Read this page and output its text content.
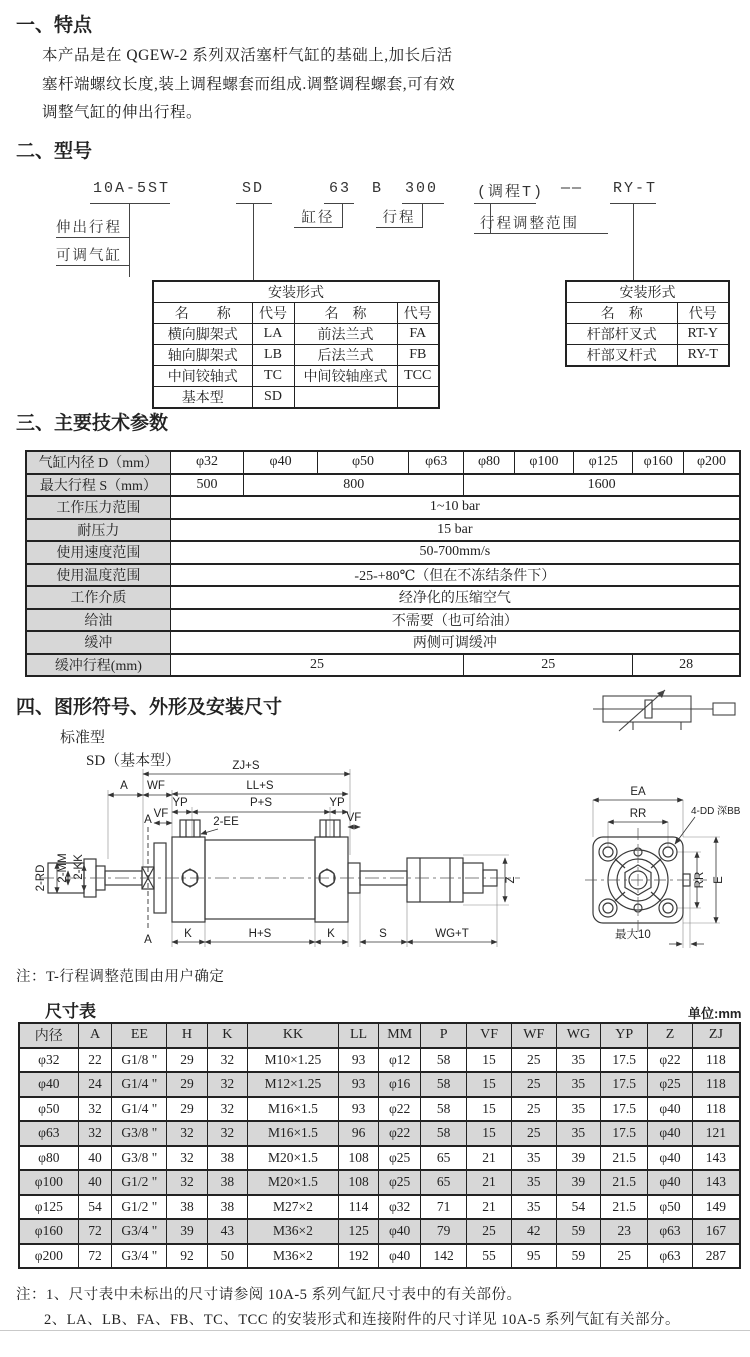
一、特点
本产品是在 QGEW-2 系列双活塞杆气缸的基础上,加长后活
塞杆端螺纹长度,装上调程螺套而组成.调整调程螺套,可有效
调整气缸的伸出行程。
二、型号
10A-5ST	SD	63 B 300	(调程T) —— RY-T
伸出行程
可调气缸
缸径	行程	行程调整范围
安装形式			
名　　称	代号	名　称	代号
横向脚架式	LA	前法兰式	FA
轴向脚架式	LB	后法兰式	FB
中间铰轴式	TC	中间铰轴座式	TCC
基本型	SD		
安装形式	
名　称	代号
杆部杆叉式	RT-Y
杆部叉杆式	RY-T
三、主要技术参数
气缸内径 D（mm）	φ32	φ40	φ50	φ63	φ80	φ100	φ125	φ160	φ200
最大行程 S（mm）	500	800			1600				
工作压力范围	1~10 bar								
耐压力	15 bar								
使用速度范围	50-700mm/s								
使用温度范围	-25-+80℃（但在不冻结条件下）								
工作介质	经净化的压缩空气								
给油	不需要（也可给油）								
缓冲	两侧可调缓冲								
缓冲行程(mm)	25				25			28	
四、图形符号、外形及安装尺寸
标准型
SD（基本型）	ZJ+S
LL+S
A WF
YP	P+S	YP
VF	VF
2-EE
A
A	K	H+S	K	S	WG+T
2-RD 2-MM 2-KK
Z
EA
RR
RR E
4-DD 深BB
最大10
注：T-行程调整范围由用户确定
尺寸表	单位:mm
内径	A	EE	H	K	KK	LL	MM	P	VF	WF	WG	YP	Z	ZJ
φ32	22	G1/8 "	29	32	M10×1.25	93	φ12	58	15	25	35	17.5	φ22	118
φ40	24	G1/4 "	29	32	M12×1.25	93	φ16	58	15	25	35	17.5	φ25	118
φ50	32	G1/4 "	29	32	M16×1.5	93	φ22	58	15	25	35	17.5	φ40	118
φ63	32	G3/8 "	32	32	M16×1.5	96	φ22	58	15	25	35	17.5	φ40	121
φ80	40	G3/8 "	32	38	M20×1.5	108	φ25	65	21	35	39	21.5	φ40	143
φ100	40	G1/2 "	32	38	M20×1.5	108	φ25	65	21	35	39	21.5	φ40	143
φ125	54	G1/2 "	38	38	M27×2	114	φ32	71	21	35	54	21.5	φ50	149
φ160	72	G3/4 "	39	43	M36×2	125	φ40	79	25	42	59	23	φ63	167
φ200	72	G3/4 "	92	50	M36×2	192	φ40	142	55	95	59	25	φ63	287
注：1、尺寸表中未标出的尺寸请参阅 10A-5 系列气缸尺寸表中的有关部份。
2、LA、LB、FA、FB、TC、TCC 的安装形式和连接附件的尺寸详见 10A-5 系列气缸有关部分。
